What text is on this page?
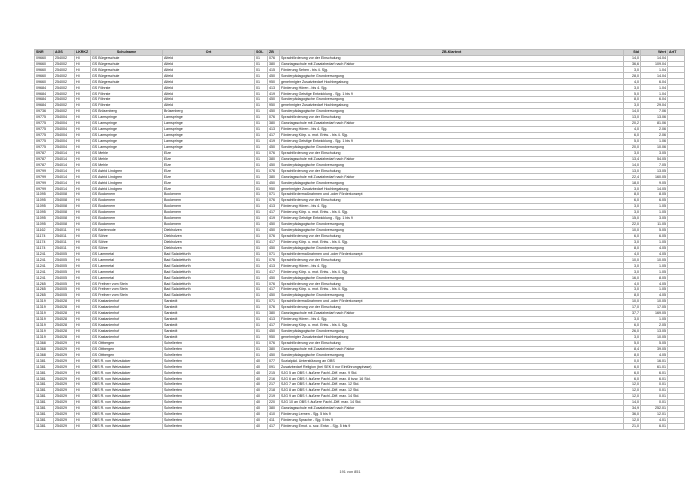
SNR	AGS	LKRKZ	Schulname	Ort	SGL	ZB	ZB-Klartext	Std	Wert	ArtT
09660	254002	HI	GS Bürgerschule	Alfeld	01	076	Sprachförderung vor der Einschulung	14,0	14.04	
09660	254002	HI	GS Bürgerschule	Alfeld	01	380	Ganztagsschule mit Zusatzbedarf nach Faktor	36,6	109.04	
09660	254002	HI	GS Bürgerschule	Alfeld	01	415	Förderung Sehen - bis 4. Sjg.	3,0	1.04	
09660	254002	HI	GS Bürgerschule	Alfeld	01	450	Sonderpädagogische Grundversorgung	28,0	14.04	
09660	254002	HI	GS Bürgerschule	Alfeld	01	950	genehmigter Zusatzbedarf Hochbegabung	4,0	6.04	
09684	254002	HI	GS Föhrste	Alfeld	01	413	Förderung Hören - bis 4. Sjg.	3,0	1.04	
09684	254002	HI	GS Föhrste	Alfeld	01	419	Förderung Geistige Entwicklung - Sjg. 1 bis 9	5,0	1.04	
09684	254002	HI	GS Föhrste	Alfeld	01	450	Sonderpädagogische Grundversorgung	8,0	6.04	
09684	254002	HI	GS Föhrste	Alfeld	01	950	genehmigter Zusatzbedarf Hochbegabung	3,0	29.04	
09736	254002	HI	GS Brüsenberg	Brüsenberg	01	450	Sonderpädagogische Grundversorgung	14,0	7.06	
09775	254004	HI	GS Lamspringe	Lamspringe	01	076	Sprachförderung vor der Einschulung	13,0	13.06	
09775	254004	HI	GS Lamspringe	Lamspringe	01	380	Ganztagsschule mit Zusatzbedarf nach Faktor	20,2	81.06	
09775	254004	HI	GS Lamspringe	Lamspringe	01	413	Förderung Hören - bis 4. Sjg.	4,0	2.06	
09775	254004	HI	GS Lamspringe	Lamspringe	01	417	Förderung Körp. u. mot. Entw. - bis 4. Sjg.	6,0	2.06	
09775	254004	HI	GS Lamspringe	Lamspringe	01	419	Förderung Geistige Entwicklung - Sjg. 1 bis 9	5,0	1.06	
09775	254004	HI	GS Lamspringe	Lamspringe	01	450	Sonderpädagogische Grundversorgung	20,0	10.06	
09787	254014	HI	GS Mehle	Elze	01	076	Sprachförderung vor der Einschulung	3,0	3.05	
09787	254014	HI	GS Mehle	Elze	01	380	Ganztagsschule mit Zusatzbedarf nach Faktor	13,4	54.05	
09787	254014	HI	GS Mehle	Elze	01	450	Sonderpädagogische Grundversorgung	14,0	7.05	
09799	254014	HI	GS Astrid Lindgren	Elze	01	076	Sprachförderung vor der Einschulung	13,0	13.05	
09799	254014	HI	GS Astrid Lindgren	Elze	01	380	Ganztagsschule mit Zusatzbedarf nach Faktor	22,4	160.05	
09799	254014	HI	GS Astrid Lindgren	Elze	01	450	Sonderpädagogische Grundversorgung	18,0	9.05	
09799	254014	HI	GS Astrid Lindgren	Elze	01	950	genehmigter Zusatzbedarf Hochbegabung	3,0	14.05	
11095	254008	HI	GS Bockenem	Bockenem	01	071	Sprachfördermaßnahmen und -oder Förderkonzept	8,0	8.05	
11095	254008	HI	GS Bockenem	Bockenem	01	076	Sprachförderung vor der Einschulung	6,0	6.05	
11095	254008	HI	GS Bockenem	Bockenem	01	413	Förderung Hören - bis 4. Sjg.	3,0	1.05	
11095	254008	HI	GS Bockenem	Bockenem	01	417	Förderung Körp. u. mot. Entw. - bis 4. Sjg.	3,0	1.05	
11095	254008	HI	GS Bockenem	Bockenem	01	419	Förderung Geistige Entwicklung - Sjg. 1 bis 9	15,0	3.05	
11095	254008	HI	GS Bockenem	Bockenem	01	450	Sonderpädagogische Grundversorgung	22,0	11.05	
11162	254011	HI	GS Barienrode	Diekholzen	01	450	Sonderpädagogische Grundversorgung	10,0	5.05	
11174	254011	HI	GS Söhre	Diekholzen	01	076	Sprachförderung vor der Einschulung	6,0	6.05	
11174	254011	HI	GS Söhre	Diekholzen	01	417	Förderung Körp. u. mot. Entw. - bis 4. Sjg.	3,0	1.05	
11174	254011	HI	GS Söhre	Diekholzen	01	450	Sonderpädagogische Grundversorgung	8,0	4.05	
11241	254005	HI	GS Lammetal	Bad Salzdetfurth	01	071	Sprachfördermaßnahmen und -oder Förderkonzept	4,0	4.05	
11241	254005	HI	GS Lammetal	Bad Salzdetfurth	01	076	Sprachförderung vor der Einschulung	10,0	10.05	
11241	254005	HI	GS Lammetal	Bad Salzdetfurth	01	413	Förderung Hören - bis 4. Sjg.	3,0	1.05	
11241	254005	HI	GS Lammetal	Bad Salzdetfurth	01	417	Förderung Körp. u. mot. Entw. - bis 4. Sjg.	3,0	1.05	
11241	254005	HI	GS Lammetal	Bad Salzdetfurth	01	450	Sonderpädagogische Grundversorgung	16,0	8.05	
11265	254005	HI	GS Freiherr vom Stein	Bad Salzdetfurth	01	076	Sprachförderung vor der Einschulung	4,0	4.05	
11265	254005	HI	GS Freiherr vom Stein	Bad Salzdetfurth	01	417	Förderung Körp. u. mot. Entw. - bis 4. Sjg.	3,0	1.05	
11265	254005	HI	GS Freiherr vom Stein	Bad Salzdetfurth	01	450	Sonderpädagogische Grundversorgung	8,0	4.05	
11319	254028	HI	GS Kastanienhof	Sarstedt	01	071	Sprachfördermaßnahmen und -oder Förderkonzept	10,0	10.05	
11319	254028	HI	GS Kastanienhof	Sarstedt	01	076	Sprachförderung vor der Einschulung	17,0	17.05	
11319	254028	HI	GS Kastanienhof	Sarstedt	01	380	Ganztagsschule mit Zusatzbedarf nach Faktor	37,7	169.05	
11319	254028	HI	GS Kastanienhof	Sarstedt	01	413	Förderung Hören - bis 4. Sjg.	3,0	1.05	
11319	254028	HI	GS Kastanienhof	Sarstedt	01	417	Förderung Körp. u. mot. Entw. - bis 4. Sjg.	6,0	2.05	
11319	254028	HI	GS Kastanienhof	Sarstedt	01	450	Sonderpädagogische Grundversorgung	26,0	13.05	
11319	254028	HI	GS Kastanienhof	Sarstedt	01	950	genehmigter Zusatzbedarf Hochbegabung	3,0	10.05	
11368	254029	HI	GS Ottbergen	Schellerten	01	076	Sprachförderung vor der Einschulung	5,0	5.05	
11368	254029	HI	GS Ottbergen	Schellerten	01	380	Ganztagsschule mit Zusatzbedarf nach Faktor	8,4	39.05	
11368	254029	HI	GS Ottbergen	Schellerten	01	450	Sonderpädagogische Grundversorgung	8,0	4.05	
11381	254029	HI	OBS R. von Weizsäcker	Schellerten	40	077	Sozialpäd. Unterstützung an OBS	0,0	16.01	
11381	254029	HI	OBS R. von Weizsäcker	Schellerten	40	091	Zusatzbedarf Religion (bei SEK II nur Einführungsphase)	6,0	61.01	
11381	254029	HI	OBS R. von Weizsäcker	Schellerten	40	215	SJG 5 an OBS f. äußere Fachl.-Diff. max. 9 Std.	6,0	6.01	
11381	254029	HI	OBS R. von Weizsäcker	Schellerten	40	216	SJG 6 an OBS f. äußere Fachl.-Diff. max. 8 bzw. 16 Std.	6,0	6.01	
11381	254029	HI	OBS R. von Weizsäcker	Schellerten	40	217	SJG 7 an OBS f. äußere Fachl.-Diff. max. 12 Std.	12,0	0.01	
11381	254029	HI	OBS R. von Weizsäcker	Schellerten	40	218	SJG 8 an OBS f. äußere Fachl.-Diff. max. 12 Std.	12,0	0.01	
11381	254029	HI	OBS R. von Weizsäcker	Schellerten	40	219	SJG 9 an OBS f. äußere Fachl.-Diff. max. 14 Std.	12,0	0.01	
11381	254029	HI	OBS R. von Weizsäcker	Schellerten	40	220	SJG 10 an OBS f. äußere Fachl.-Diff. max. 14 Std.	14,0	0.01	
11381	254029	HI	OBS R. von Weizsäcker	Schellerten	40	380	Ganztagsschule mit Zusatzbedarf nach Faktor	34,9	252.01	
11381	254029	HI	OBS R. von Weizsäcker	Schellerten	40	410	Förderung Lernen - Sjg. 5 bis 9	36,0	12.01	
11381	254029	HI	OBS R. von Weizsäcker	Schellerten	40	411	Förderung Sprache - Sjg. 5 bis 9	12,0	4.01	
11381	254029	HI	OBS R. von Weizsäcker	Schellerten	40	417	Förderung Emot. u. soz. Entw. - Sjg. 5 bis 9	21,0	6.01	
191 von 851
